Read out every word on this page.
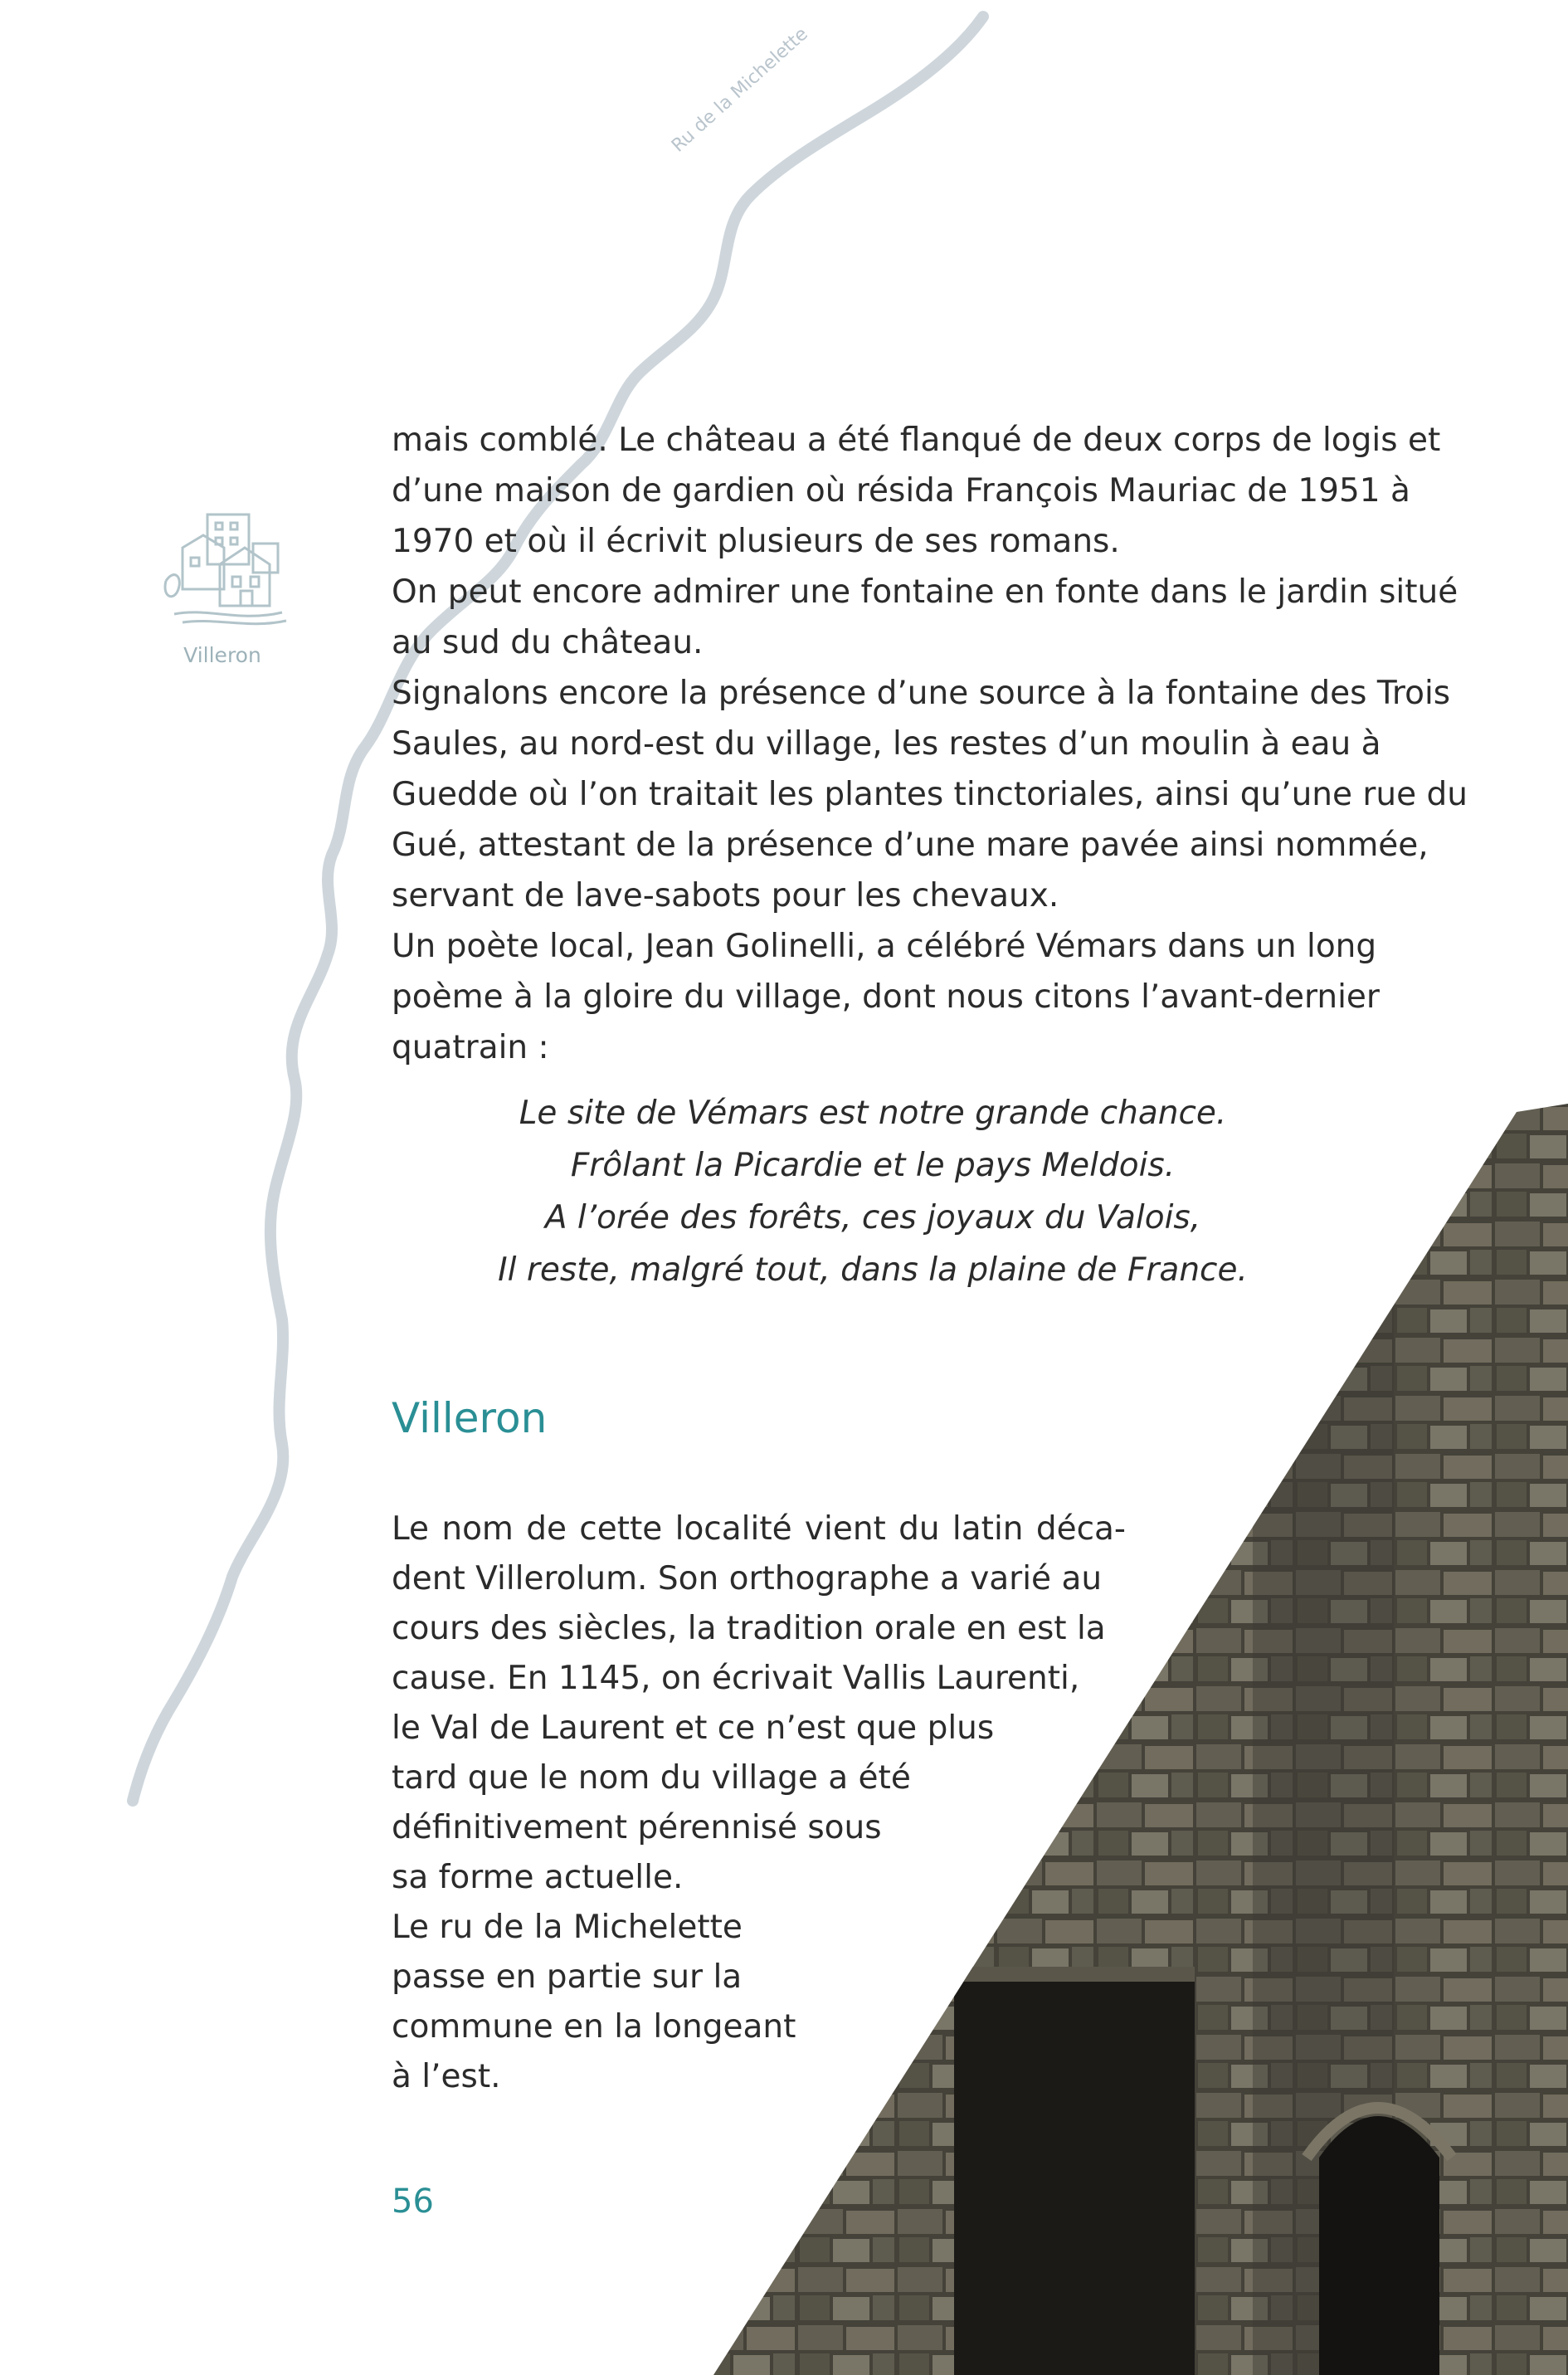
Ru de la Michelette
Villeron

mais comblé. Le château a été flanqué de deux corps de logis et d’une maison de gardien où résida François Mauriac de 1951 à 1970 et où il écrivit plusieurs de ses romans.

On peut encore admirer une fontaine en fonte dans le jardin situé au sud du château.

Signalons encore la présence d’une source à la fontaine des Trois Saules, au nord-est du village, les restes d’un moulin à eau à Guedde où l’on traitait les plantes tinctoriales, ainsi qu’une rue du Gué, attestant de la présence d’une mare pavée ainsi nommée, servant de lave-sabots pour les chevaux.

Un poète local, Jean Golinelli, a célébré Vémars dans un long poème à la gloire du village, dont nous citons l’avant-dernier quatrain :

Le site de Vémars est notre grande chance.
Frôlant la Picardie et le pays Meldois.
A l’orée des forêts, ces joyaux du Valois,
Il reste, malgré tout, dans la plaine de France.
Villeron
Le nom de cette localité vient du latin déca-
dent Villerolum. Son orthographe a varié au
cours des siècles, la tradition orale en est la
cause. En 1145, on écrivait Vallis Laurenti,
le Val de Laurent et ce n’est que plus
tard que le nom du village a été
définitivement pérennisé sous
sa forme actuelle.
Le ru de la Michelette
passe en partie sur la
commune en la longeant
à l’est.
56
